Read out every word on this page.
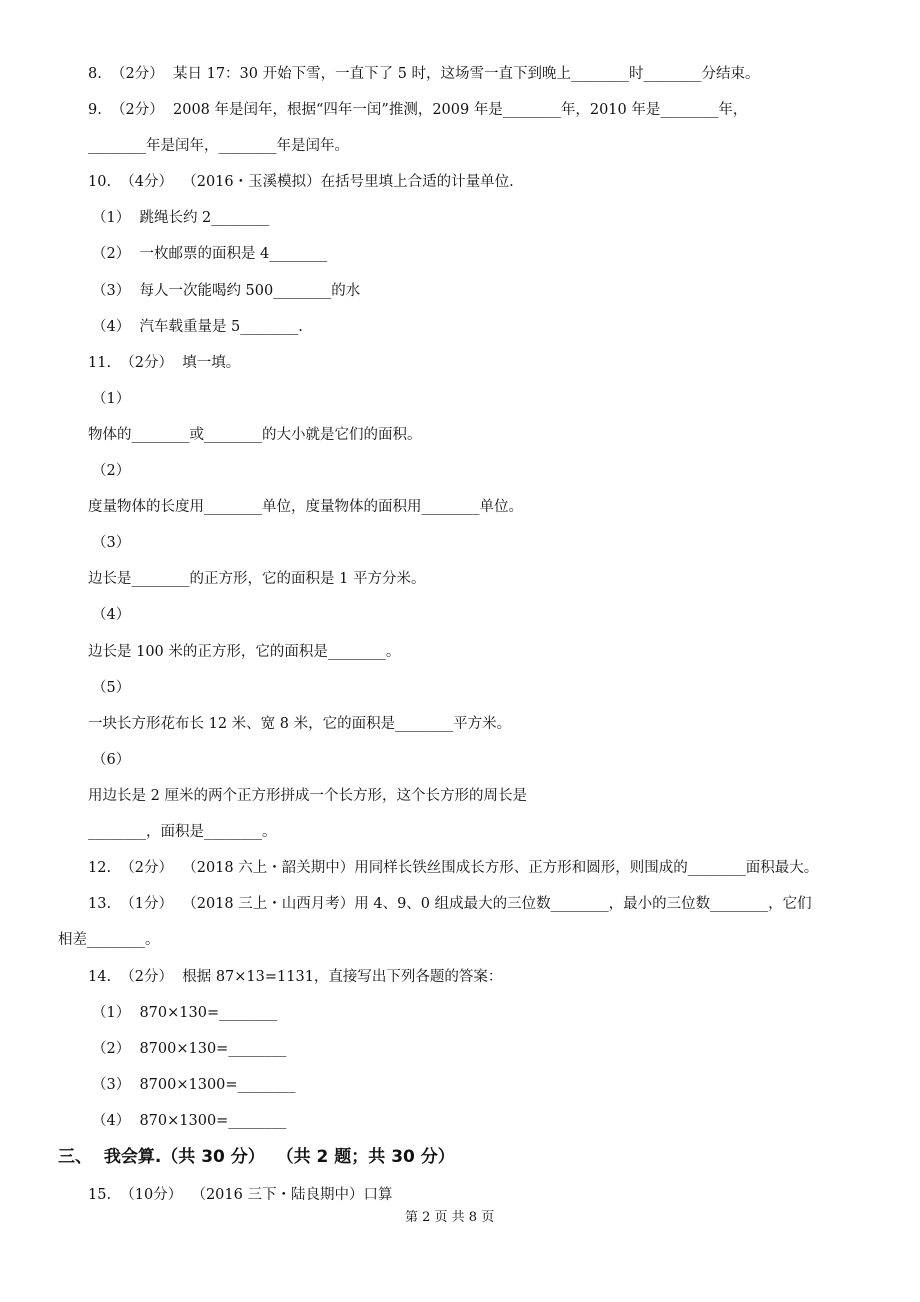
8.  （2分）  某日 17：30 开始下雪，一直下了 5 时，这场雪一直下到晚上________时________分结束。
9.  （2分）  2008 年是闰年，根据“四年一闰”推测，2009 年是________年，2010 年是________年，
________年是闰年，________年是闰年。
10.  （4分）  （2016・玉溪模拟）在括号里填上合适的计量单位.
（1）  跳绳长约 2________
（2）  一枚邮票的面积是 4________
（3）  每人一次能喝约 500________的水
（4）  汽车载重量是 5________.
11.  （2分）  填一填。
（1）
物体的________或________的大小就是它们的面积。
（2）
度量物体的长度用________单位，度量物体的面积用________单位。
（3）
边长是________的正方形，它的面积是 1 平方分米。
（4）
边长是 100 米的正方形，它的面积是________。
（5）
一块长方形花布长 12 米、宽 8 米，它的面积是________平方米。
（6）
用边长是 2 厘米的两个正方形拼成一个长方形，这个长方形的周长是
________，面积是________。
12.  （2分）  （2018 六上・韶关期中）用同样长铁丝围成长方形、正方形和圆形，则围成的________面积最大。
13.  （1分）  （2018 三上・山西月考）用 4、9、0 组成最大的三位数________，最小的三位数________，它们
相差________。
14.  （2分）  根据 87×13=1131，直接写出下列各题的答案：
（1）  870×130=________
（2）  8700×130=________
（3）  8700×1300=________
（4）  870×1300=________
三、  我会算.（共 30 分）  （共 2 题；共 30 分）
15.  （10分）  （2016 三下・陆良期中）口算
第 2 页 共 8 页
